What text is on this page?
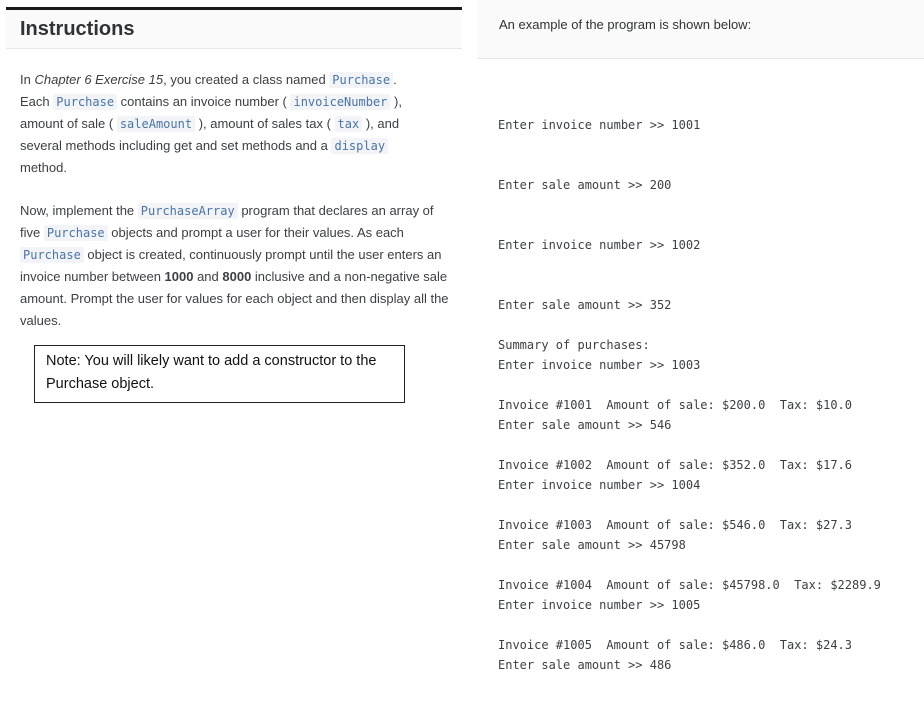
Instructions
In Chapter 6 Exercise 15, you created a class named Purchase .
Each Purchase contains an invoice number ( invoiceNumber ),
amount of sale ( saleAmount ), amount of sales tax ( tax ), and
several methods including get and set methods and a display
method.
Now, implement the PurchaseArray program that declares an array of five Purchase objects and prompt a user for their values. As each Purchase object is created, continuously prompt until the user enters an invoice number between 1000 and 8000 inclusive and a non-negative sale amount. Prompt the user for values for each object and then display all the values.
Note: You will likely want to add a constructor to the Purchase object.
An example of the program is shown below:

Enter invoice number >> 1001

Enter sale amount >> 200

Enter invoice number >> 1002

Enter sale amount >> 352

Enter invoice number >> 1003

Enter sale amount >> 546

Enter invoice number >> 1004

Enter sale amount >> 45798

Enter invoice number >> 1005

Enter sale amount >> 486

Summary of purchases:

Invoice #1001  Amount of sale: $200.0  Tax: $10.0

Invoice #1002  Amount of sale: $352.0  Tax: $17.6

Invoice #1003  Amount of sale: $546.0  Tax: $27.3

Invoice #1004  Amount of sale: $45798.0  Tax: $2289.9

Invoice #1005  Amount of sale: $486.0  Tax: $24.3
